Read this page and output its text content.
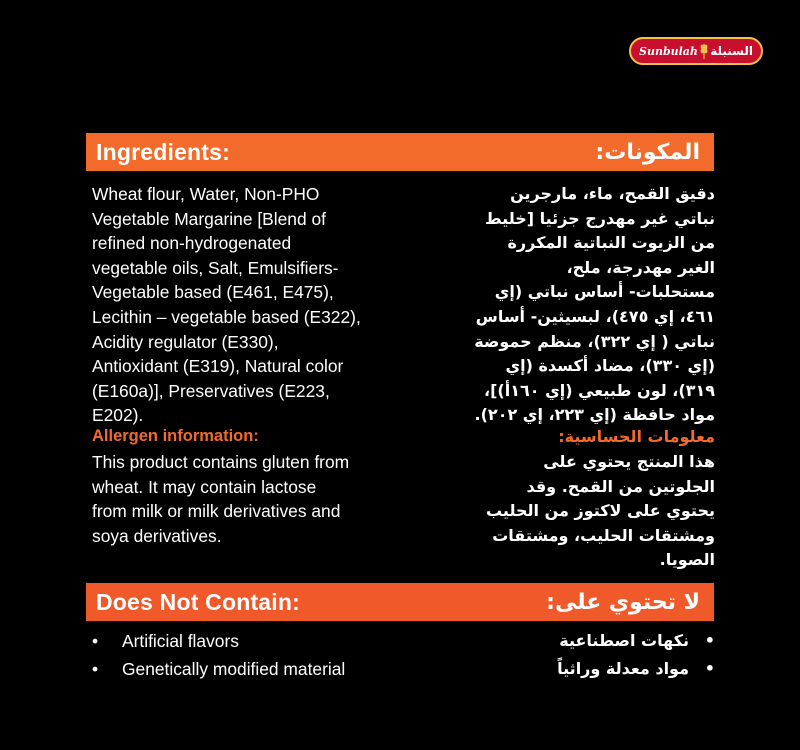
Sunbulah السنبلة
Ingredients:	المكونات:
Wheat flour, Water, Non-PHO
Vegetable Margarine [Blend of
refined non-hydrogenated
vegetable oils, Salt, Emulsifiers-
Vegetable based (E461, E475),
Lecithin – vegetable based (E322),
Acidity regulator (E330),
Antioxidant (E319), Natural color
(E160a)], Preservatives (E223,
E202).
دقيق القمح، ماء، مارجرين
نباتي غير مهدرج جزئيا [خليط
من الزيوت النباتية المكررة
الغير مهدرجة، ملح،
مستحلبات- أساس نباتي (إي
٤٦١، إي ٤٧٥)، لبسيثين- أساس
نباتي ( إي ٣٢٢)، منظم حموضة
(إي ٣٣٠)، مضاد أكسدة (إي
٣١٩)، لون طبيعي (إي ١٦٠أ)]،
مواد حافظة (إي ٢٢٣، إي ٢٠٢).
Allergen information:	معلومات الحساسية:
This product contains gluten from
wheat. It may contain lactose
from milk or milk derivatives and
soya derivatives.
هذا المنتج يحتوي على
الجلوتين من القمح. وقد
يحتوي على لاكتوز من الحليب
ومشتقات الحليب، ومشتقات
الصويا.
Does Not Contain:	لا تحتوي على:
• Artificial flavors
• Genetically modified material
•
نكهات اصطناعية
•
مواد معدلة وراثياً
